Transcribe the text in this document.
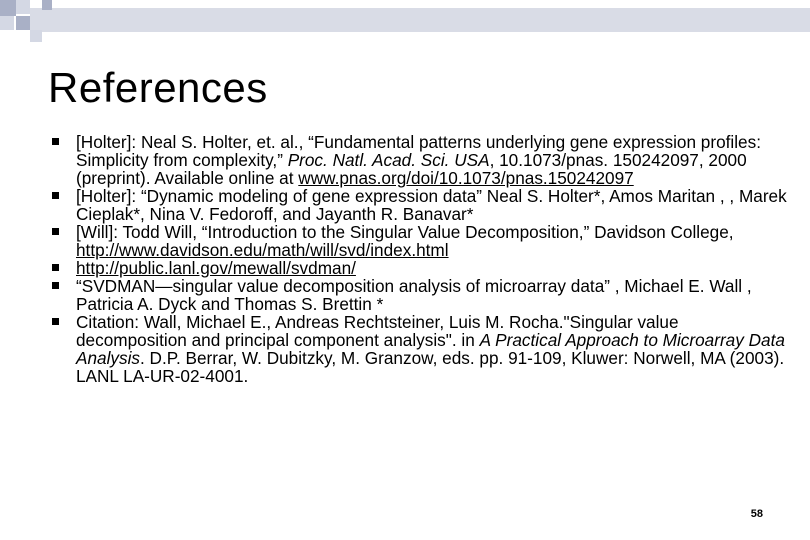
References
[Holter]: Neal S. Holter, et. al., “Fundamental patterns underlying gene expression profiles: Simplicity from complexity,” Proc. Natl. Acad. Sci. USA, 10.1073/pnas. 150242097, 2000 (preprint). Available online at www.pnas.org/doi/10.1073/pnas.150242097
[Holter]: “Dynamic modeling of gene expression data” Neal S. Holter*, Amos Maritan , , Marek Cieplak*, Nina V. Fedoroff, and Jayanth R. Banavar*
[Will]: Todd Will, “Introduction to the Singular Value Decomposition,” Davidson College, http://www.davidson.edu/math/will/svd/index.html
http://public.lanl.gov/mewall/svdman/
“SVDMAN—singular value decomposition analysis of microarray data” , Michael E. Wall , Patricia A. Dyck and Thomas S. Brettin *
Citation: Wall, Michael E., Andreas Rechtsteiner, Luis M. Rocha."Singular value decomposition and principal component analysis". in A Practical Approach to Microarray Data Analysis. D.P. Berrar, W. Dubitzky, M. Granzow, eds. pp. 91-109, Kluwer: Norwell, MA (2003). LANL LA-UR-02-4001.
58
